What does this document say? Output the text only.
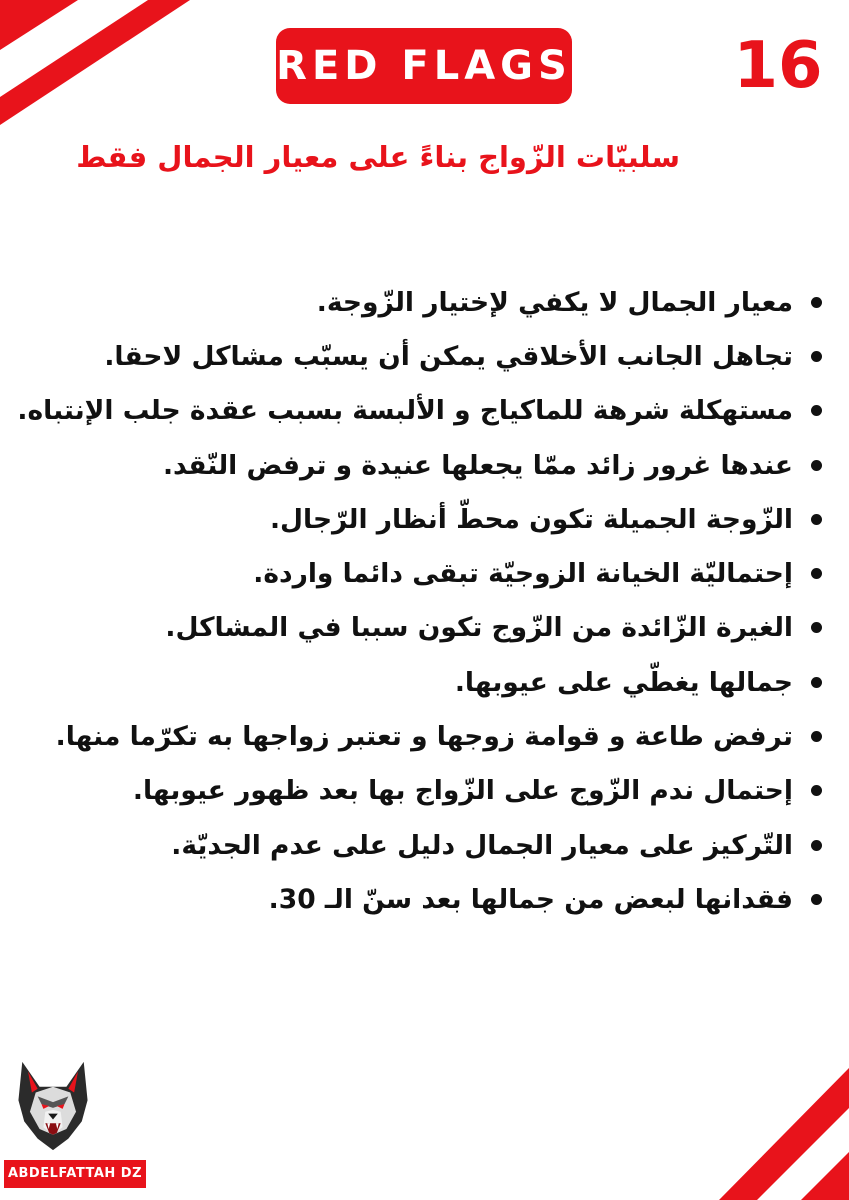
RED FLAGS	16
سلبيّات الزّواج بناءً على معيار الجمال فقط
معيار الجمال لا يكفي لإختيار الزّوجة.
تجاهل الجانب الأخلاقي يمكن أن يسبّب مشاكل لاحقا.
مستهكلة شرهة للماكياج و الألبسة بسبب عقدة جلب الإنتباه.
عندها غرور زائد ممّا يجعلها عنيدة و ترفض النّقد.
الزّوجة الجميلة تكون محطّ أنظار الرّجال.
إحتماليّة الخيانة الزوجيّة تبقى دائما واردة.
الغيرة الزّائدة من الزّوج تكون سببا في المشاكل.
جمالها يغطّي على عيوبها.
ترفض طاعة و قوامة زوجها و تعتبر زواجها به تكرّما منها.
إحتمال ندم الزّوج على الزّواج بها بعد ظهور عيوبها.
التّركيز على معيار الجمال دليل على عدم الجديّة.
فقدانها لبعض من جمالها بعد سنّ الـ 30.
ABDELFATTAH DZ
